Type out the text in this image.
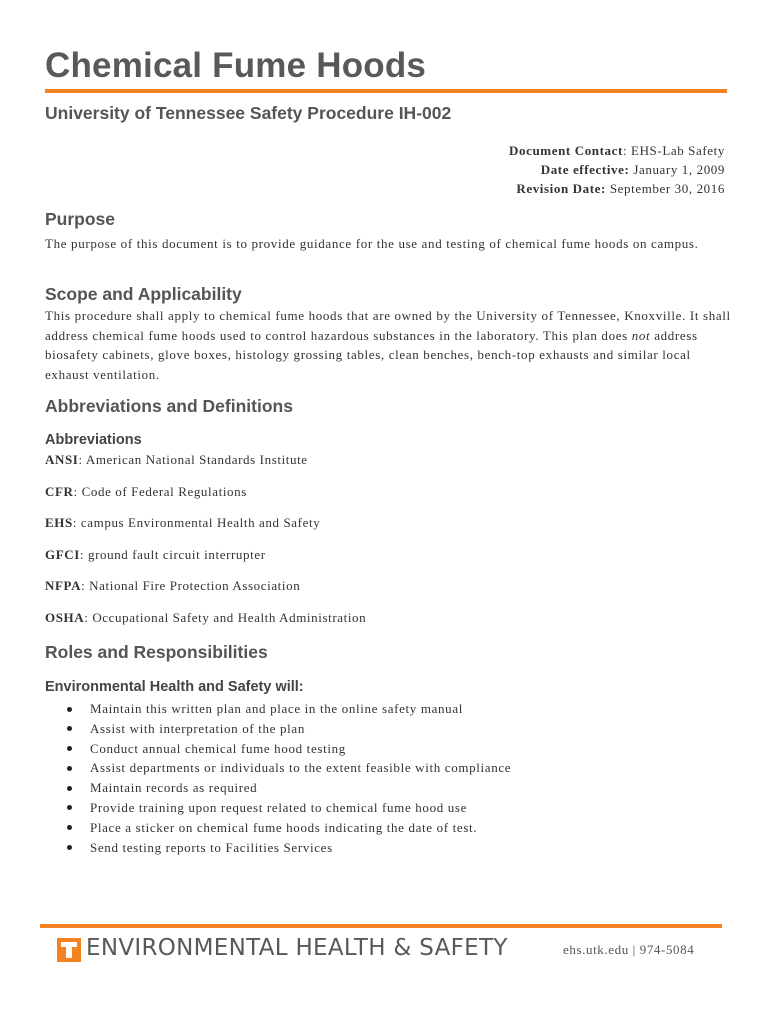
Chemical Fume Hoods
University of Tennessee Safety Procedure IH-002
Document Contact: EHS-Lab Safety
Date effective: January 1, 2009
Revision Date: September 30, 2016
Purpose

The purpose of this document is to provide guidance for the use and testing of chemical fume hoods on campus.

Scope and Applicability

This procedure shall apply to chemical fume hoods that are owned by the University of Tennessee, Knoxville. It shall address chemical fume hoods used to control hazardous substances in the laboratory. This plan does not address biosafety cabinets, glove boxes, histology grossing tables, clean benches, bench-top exhausts and similar local exhaust ventilation.

Abbreviations and Definitions
Abbreviations

ANSI: American National Standards Institute

CFR: Code of Federal Regulations

EHS: campus Environmental Health and Safety

GFCI: ground fault circuit interrupter

NFPA: National Fire Protection Association

OSHA: Occupational Safety and Health Administration

Roles and Responsibilities
Environmental Health and Safety will:
Maintain this written plan and place in the online safety manual
Assist with interpretation of the plan
Conduct annual chemical fume hood testing
Assist departments or individuals to the extent feasible with compliance
Maintain records as required
Provide training upon request related to chemical fume hood use
Place a sticker on chemical fume hoods indicating the date of test.
Send testing reports to Facilities Services
ENVIRONMENTAL HEALTH & SAFETY	ehs.utk.edu | 974-5084
